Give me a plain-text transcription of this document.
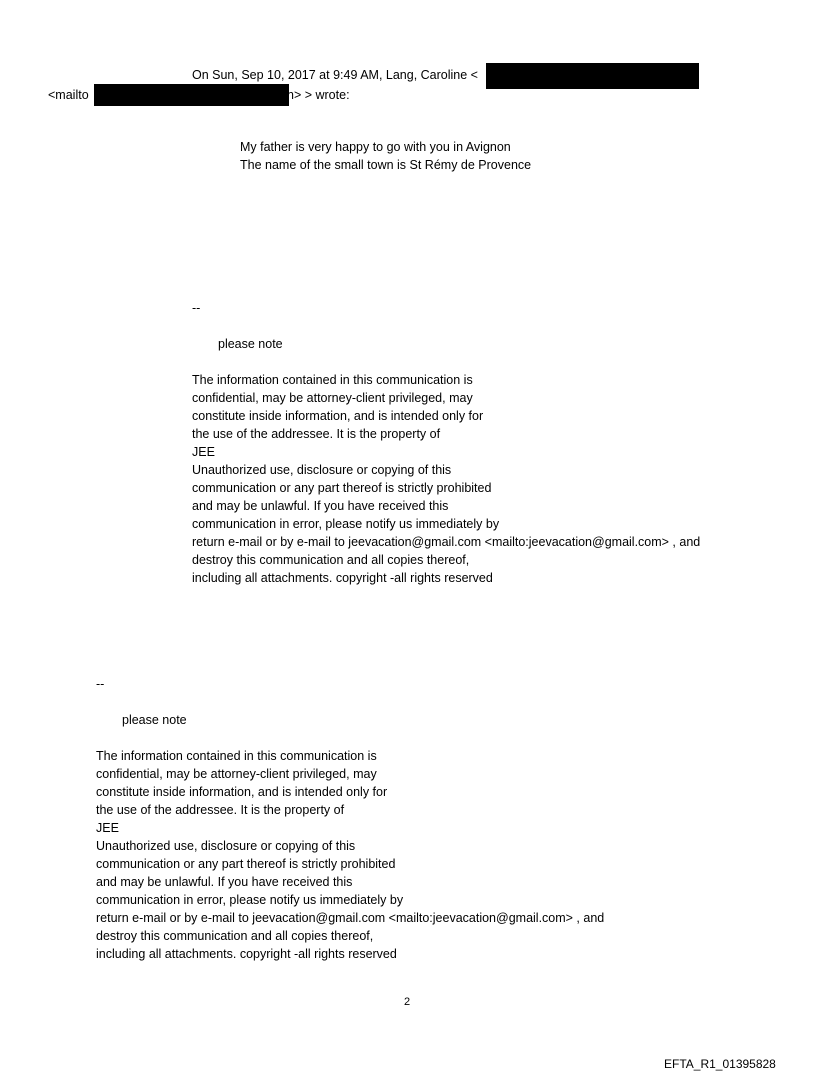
On Sun, Sep 10, 2017 at 9:49 AM, Lang, Caroline <
<mailto	n> > wrote:
My father is very happy to go with you in Avignon
The name of the small town is St Rémy de Provence
--
please note
The information contained in this communication is
confidential, may be attorney-client privileged, may
constitute inside information, and is intended only for
the use of the addressee. It is the property of
JEE
Unauthorized use, disclosure or copying of this
communication or any part thereof is strictly prohibited
and may be unlawful. If you have received this
communication in error, please notify us immediately by
return e-mail or by e-mail to jeevacation@gmail.com <mailto:jeevacation@gmail.com> , and
destroy this communication and all copies thereof,
including all attachments. copyright -all rights reserved
--
please note
The information contained in this communication is
confidential, may be attorney-client privileged, may
constitute inside information, and is intended only for
the use of the addressee. It is the property of
JEE
Unauthorized use, disclosure or copying of this
communication or any part thereof is strictly prohibited
and may be unlawful. If you have received this
communication in error, please notify us immediately by
return e-mail or by e-mail to jeevacation@gmail.com <mailto:jeevacation@gmail.com> , and
destroy this communication and all copies thereof,
including all attachments. copyright -all rights reserved
2
EFTA_R1_01395828
